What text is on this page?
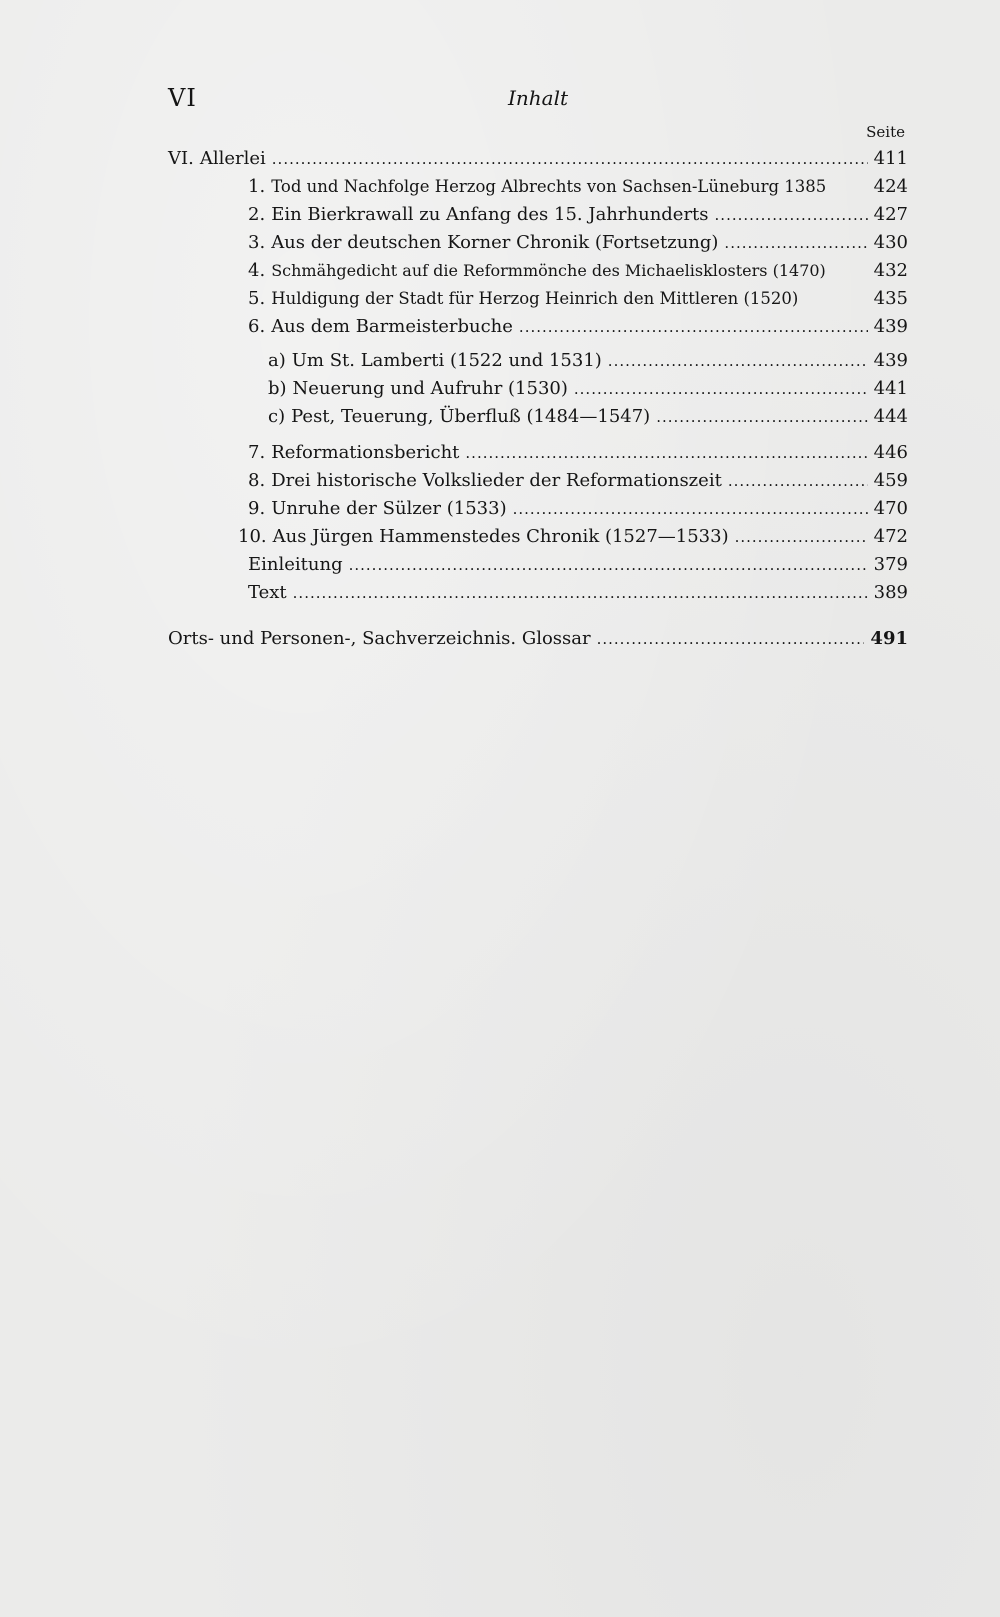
VI	Inhalt
Seite
VI. Allerlei .....	411
1. Tod und Nachfolge Herzog Albrechts von Sachsen-Lüneburg 1385	424
2. Ein Bierkrawall zu Anfang des 15. Jahrhunderts .....	427
3. Aus der deutschen Korner Chronik (Fortsetzung) .....	430
4. Schmähgedicht auf die Reformmönche des Michaelisklosters (1470)	432
5. Huldigung der Stadt für Herzog Heinrich den Mittleren (1520)	435
6. Aus dem Barmeisterbuche .....	439
a) Um St. Lamberti (1522 und 1531) .....	439
b) Neuerung und Aufruhr (1530) .....	441
c) Pest, Teuerung, Überfluß (1484—1547) .....	444
7. Reformationsbericht .....	446
8. Drei historische Volkslieder der Reformationszeit .....	459
9. Unruhe der Sülzer (1533) .....	470
10. Aus Jürgen Hammenstedes Chronik (1527—1533) .....	472
Einleitung .....	379
Text .....	389
Orts- und Personen-, Sachverzeichnis. Glossar .....	491
